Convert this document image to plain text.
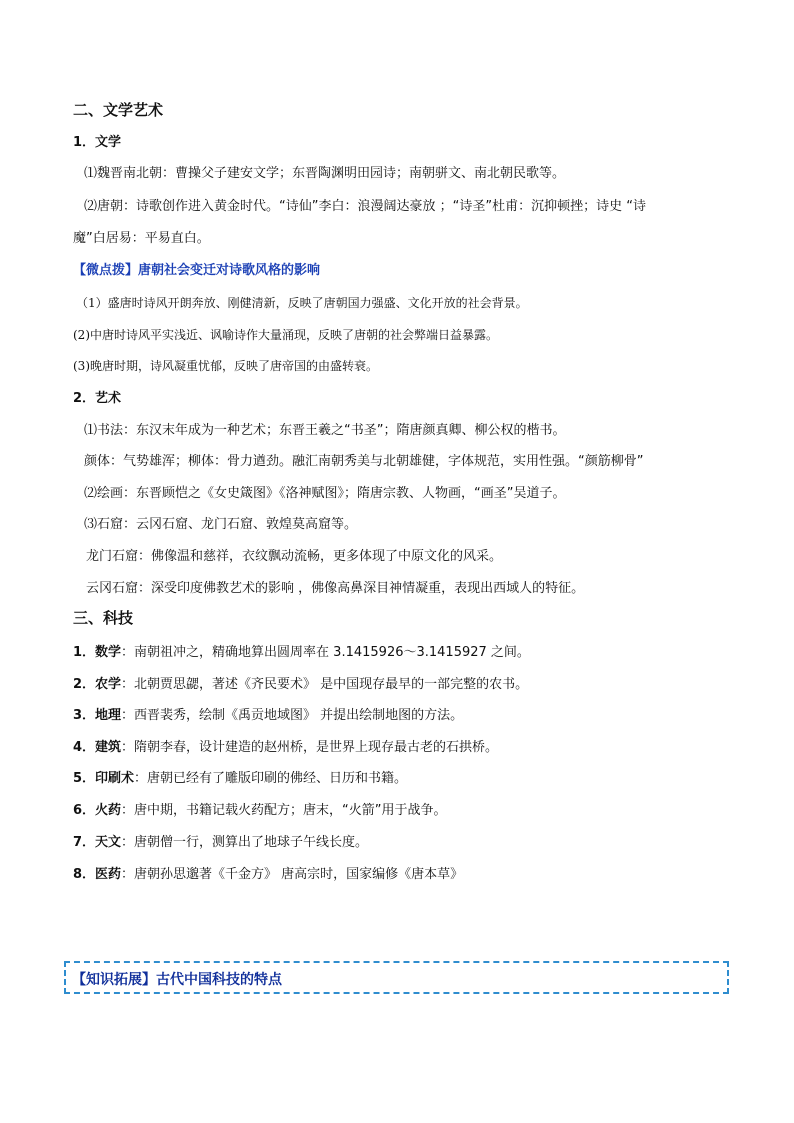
二、文学艺术
1．文学
⑴魏晋南北朝：曹操父子建安文学；东晋陶渊明田园诗；南朝骈文、南北朝民歌等。
⑵唐朝：诗歌创作进入黄金时代。“诗仙”李白：浪漫阔达豪放 ；“诗圣”杜甫：沉抑顿挫；诗史 “诗
魔”白居易：平易直白。
【微点拨】唐朝社会变迁对诗歌风格的影响
（1）盛唐时诗风开朗奔放、刚健清新，反映了唐朝国力强盛、文化开放的社会背景。
(2)中唐时诗风平实浅近、讽喻诗作大量涌现，反映了唐朝的社会弊端日益暴露。
(3)晚唐时期，诗风凝重忧郁，反映了唐帝国的由盛转衰。
2．艺术
⑴书法：东汉末年成为一种艺术；东晋王羲之“书圣”；隋唐颜真卿、柳公权的楷书。
颜体：气势雄浑；柳体：骨力遒劲。融汇南朝秀美与北朝雄健，字体规范，实用性强。“颜筋柳骨”
⑵绘画：东晋顾恺之《女史箴图》《洛神赋图》；隋唐宗教、人物画，“画圣”吴道子。
⑶石窟：云冈石窟、龙门石窟、敦煌莫高窟等。
龙门石窟：佛像温和慈祥，衣纹飘动流畅，更多体现了中原文化的风采。
云冈石窟：深受印度佛教艺术的影响 ，佛像高鼻深目神情凝重，表现出西域人的特征。
三、科技
1．数学：南朝祖冲之，精确地算出圆周率在 3.1415926～3.1415927 之间。
2．农学：北朝贾思勰，著述《齐民要术》 是中国现存最早的一部完整的农书。
3．地理：西晋裴秀，绘制《禹贡地域图》 并提出绘制地图的方法。
4．建筑：隋朝李春，设计建造的赵州桥，是世界上现存最古老的石拱桥。
5．印刷术：唐朝已经有了雕版印刷的佛经、日历和书籍。
6．火药：唐中期，书籍记载火药配方；唐末，“火箭”用于战争。
7．天文：唐朝僧一行，测算出了地球子午线长度。
8．医药：唐朝孙思邈著《千金方》 唐高宗时，国家编修《唐本草》
【知识拓展】古代中国科技的特点
